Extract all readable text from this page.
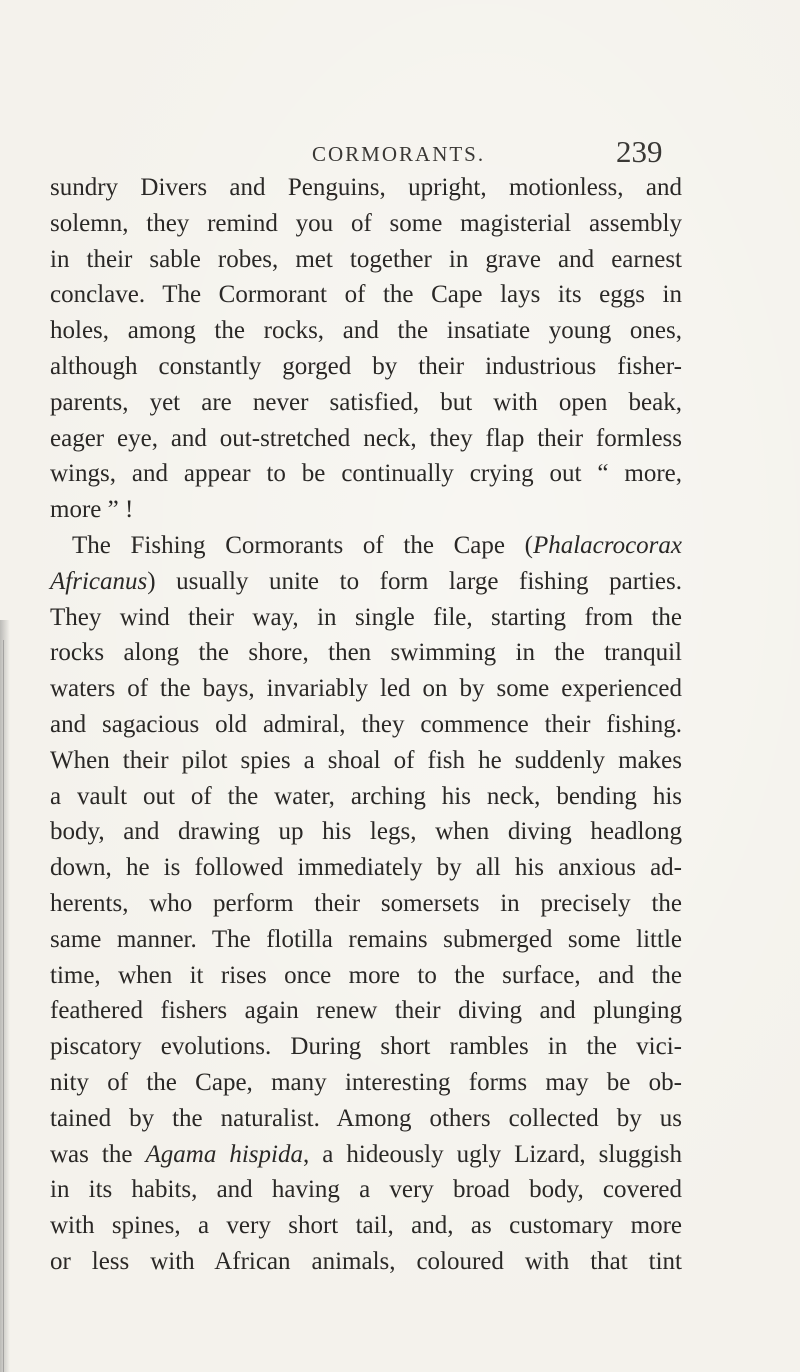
CORMORANTS.	239
sundry Divers and Penguins, upright, motionless, and
solemn, they remind you of some magisterial assembly
in their sable robes, met together in grave and earnest
conclave. The Cormorant of the Cape lays its eggs in
holes, among the rocks, and the insatiate young ones,
although constantly gorged by their industrious fisher-
parents, yet are never satisfied, but with open beak,
eager eye, and out-stretched neck, they flap their formless
wings, and appear to be continually crying out “ more,
more ” !
The Fishing Cormorants of the Cape (Phalacrocorax
Africanus) usually unite to form large fishing parties.
They wind their way, in single file, starting from the
rocks along the shore, then swimming in the tranquil
waters of the bays, invariably led on by some experienced
and sagacious old admiral, they commence their fishing.
When their pilot spies a shoal of fish he suddenly makes
a vault out of the water, arching his neck, bending his
body, and drawing up his legs, when diving headlong
down, he is followed immediately by all his anxious ad-
herents, who perform their somersets in precisely the
same manner. The flotilla remains submerged some little
time, when it rises once more to the surface, and the
feathered fishers again renew their diving and plunging
piscatory evolutions. During short rambles in the vici-
nity of the Cape, many interesting forms may be ob-
tained by the naturalist. Among others collected by us
was the Agama hispida, a hideously ugly Lizard, sluggish
in its habits, and having a very broad body, covered
with spines, a very short tail, and, as customary more
or less with African animals, coloured with that tint
